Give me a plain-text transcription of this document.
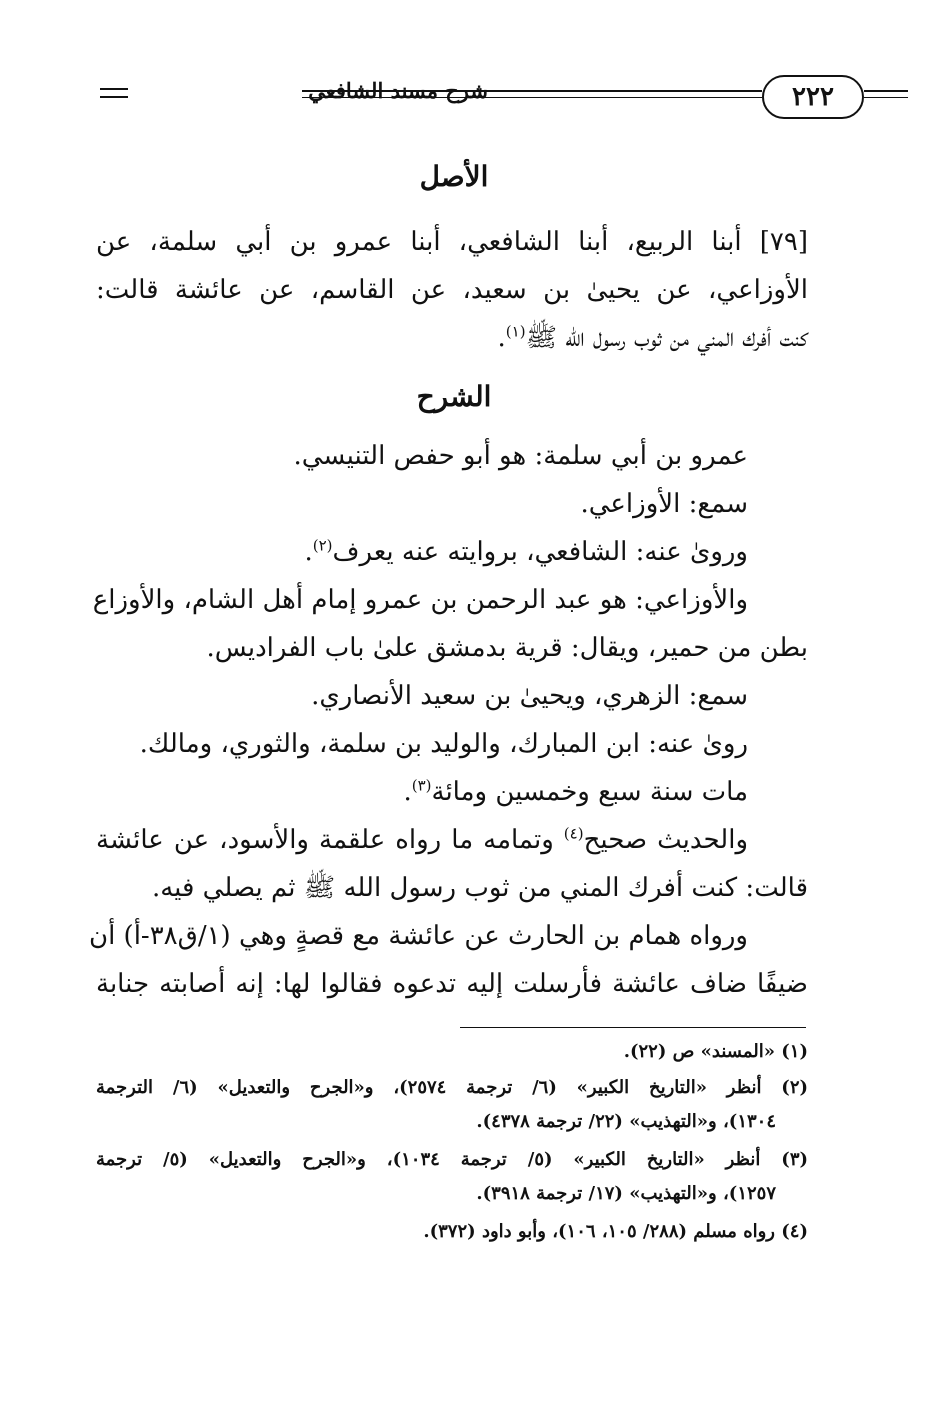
شرح مسند الشافعي	٢٢٢
الأصل
[٧٩] أبنا الربيع، أبنا الشافعي، أبنا عمرو بن أبي سلمة، عن
الأوزاعي، عن يحيىٰ بن سعيد، عن القاسم، عن عائشة قالت:
كنت أفرك المني من ثوب رسول الله ﷺ$^{(١)}$.
الشرح
عمرو بن أبي سلمة: هو أبو حفص التنيسي.
سمع: الأوزاعي.
وروىٰ عنه: الشافعي، بروايته عنه يعرف$^{(٢)}$.
والأوزاعي: هو عبد الرحمن بن عمرو إمام أهل الشام، والأوزاع
بطن من حمير، ويقال: قرية بدمشق علىٰ باب الفراديس.
سمع: الزهري، ويحيىٰ بن سعيد الأنصاري.
روىٰ عنه: ابن المبارك، والوليد بن سلمة، والثوري، ومالك.
مات سنة سبع وخمسين ومائة$^{(٣)}$.
والحديث صحيح$^{(٤)}$ وتمامه ما رواه علقمة والأسود، عن عائشة
قالت: كنت أفرك المني من ثوب رسول الله ﷺ ثم يصلي فيه.
ورواه همام بن الحارث عن عائشة مع قصةٍ وهي (١/ق٣٨-أ) أن
ضيفًا ضاف عائشة فأرسلت إليه تدعوه فقالوا لها: إنه أصابته جنابة
(١) «المسند» ص (٢٢).
(٢) أنظر «التاريخ الكبير» (٦/ ترجمة ٢٥٧٤)، و«الجرح والتعديل» (٦/ الترجمة
١٣٠٤)، و«التهذيب» (٢٢/ ترجمة ٤٣٧٨).
(٣) أنظر «التاريخ الكبير» (٥/ ترجمة ١٠٣٤)، و«الجرح والتعديل» (٥/ ترجمة
١٢٥٧)، و«التهذيب» (١٧/ ترجمة ٣٩١٨).
(٤) رواه مسلم (٢٨٨/ ١٠٥، ١٠٦)، وأبو داود (٣٧٢).
